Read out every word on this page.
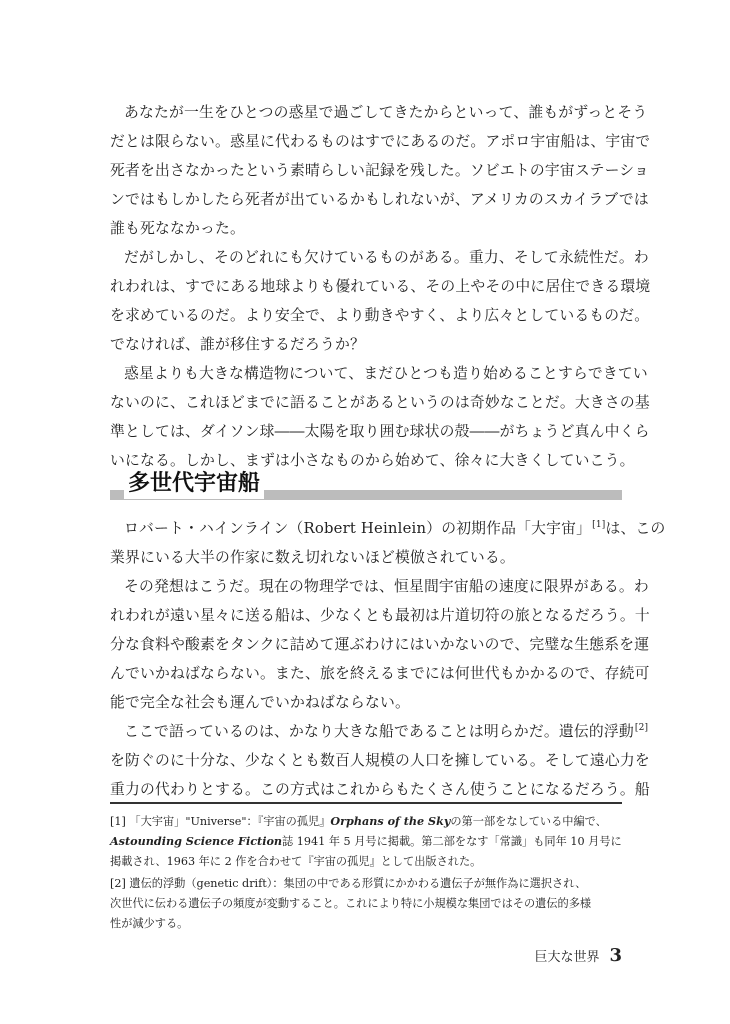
あなたが一生をひとつの惑星で過ごしてきたからといって、誰もがずっとそう
だとは限らない。惑星に代わるものはすでにあるのだ。アポロ宇宙船は、宇宙で
死者を出さなかったという素晴らしい記録を残した。ソビエトの宇宙ステーショ
ンではもしかしたら死者が出ているかもしれないが、アメリカのスカイラブでは
誰も死ななかった。
だがしかし、そのどれにも欠けているものがある。重力、そして永続性だ。わ
れわれは、すでにある地球よりも優れている、その上やその中に居住できる環境
を求めているのだ。より安全で、より動きやすく、より広々としているものだ。
でなければ、誰が移住するだろうか？
惑星よりも大きな構造物について、まだひとつも造り始めることすらできてい
ないのに、これほどまでに語ることがあるというのは奇妙なことだ。大きさの基
準としては、ダイソン球――太陽を取り囲む球状の殻――がちょうど真ん中くら
いになる。しかし、まずは小さなものから始めて、徐々に大きくしていこう。
多世代宇宙船
ロバート・ハインライン（Robert Heinlein）の初期作品「大宇宙」[1]は、この
業界にいる大半の作家に数え切れないほど模倣されている。
その発想はこうだ。現在の物理学では、恒星間宇宙船の速度に限界がある。わ
れわれが遠い星々に送る船は、少なくとも最初は片道切符の旅となるだろう。十
分な食料や酸素をタンクに詰めて運ぶわけにはいかないので、完璧な生態系を運
んでいかねばならない。また、旅を終えるまでには何世代もかかるので、存続可
能で完全な社会も運んでいかねばならない。
ここで語っているのは、かなり大きな船であることは明らかだ。遺伝的浮動[2]
を防ぐのに十分な、少なくとも数百人規模の人口を擁している。そして遠心力を
重力の代わりとする。この方式はこれからもたくさん使うことになるだろう。船
[1] 「大宇宙」"Universe"：『宇宙の孤児』Orphans of the Skyの第一部をなしている中編で、
Astounding Science Fiction誌 1941 年 5 月号に掲載。第二部をなす「常識」も同年 10 月号に
掲載され、1963 年に 2 作を合わせて『宇宙の孤児』として出版された。
[2] 遺伝的浮動（genetic drift）：集団の中である形質にかかわる遺伝子が無作為に選択され、
次世代に伝わる遺伝子の頻度が変動すること。これにより特に小規模な集団ではその遺伝的多様
性が減少する。
巨大な世界 3
